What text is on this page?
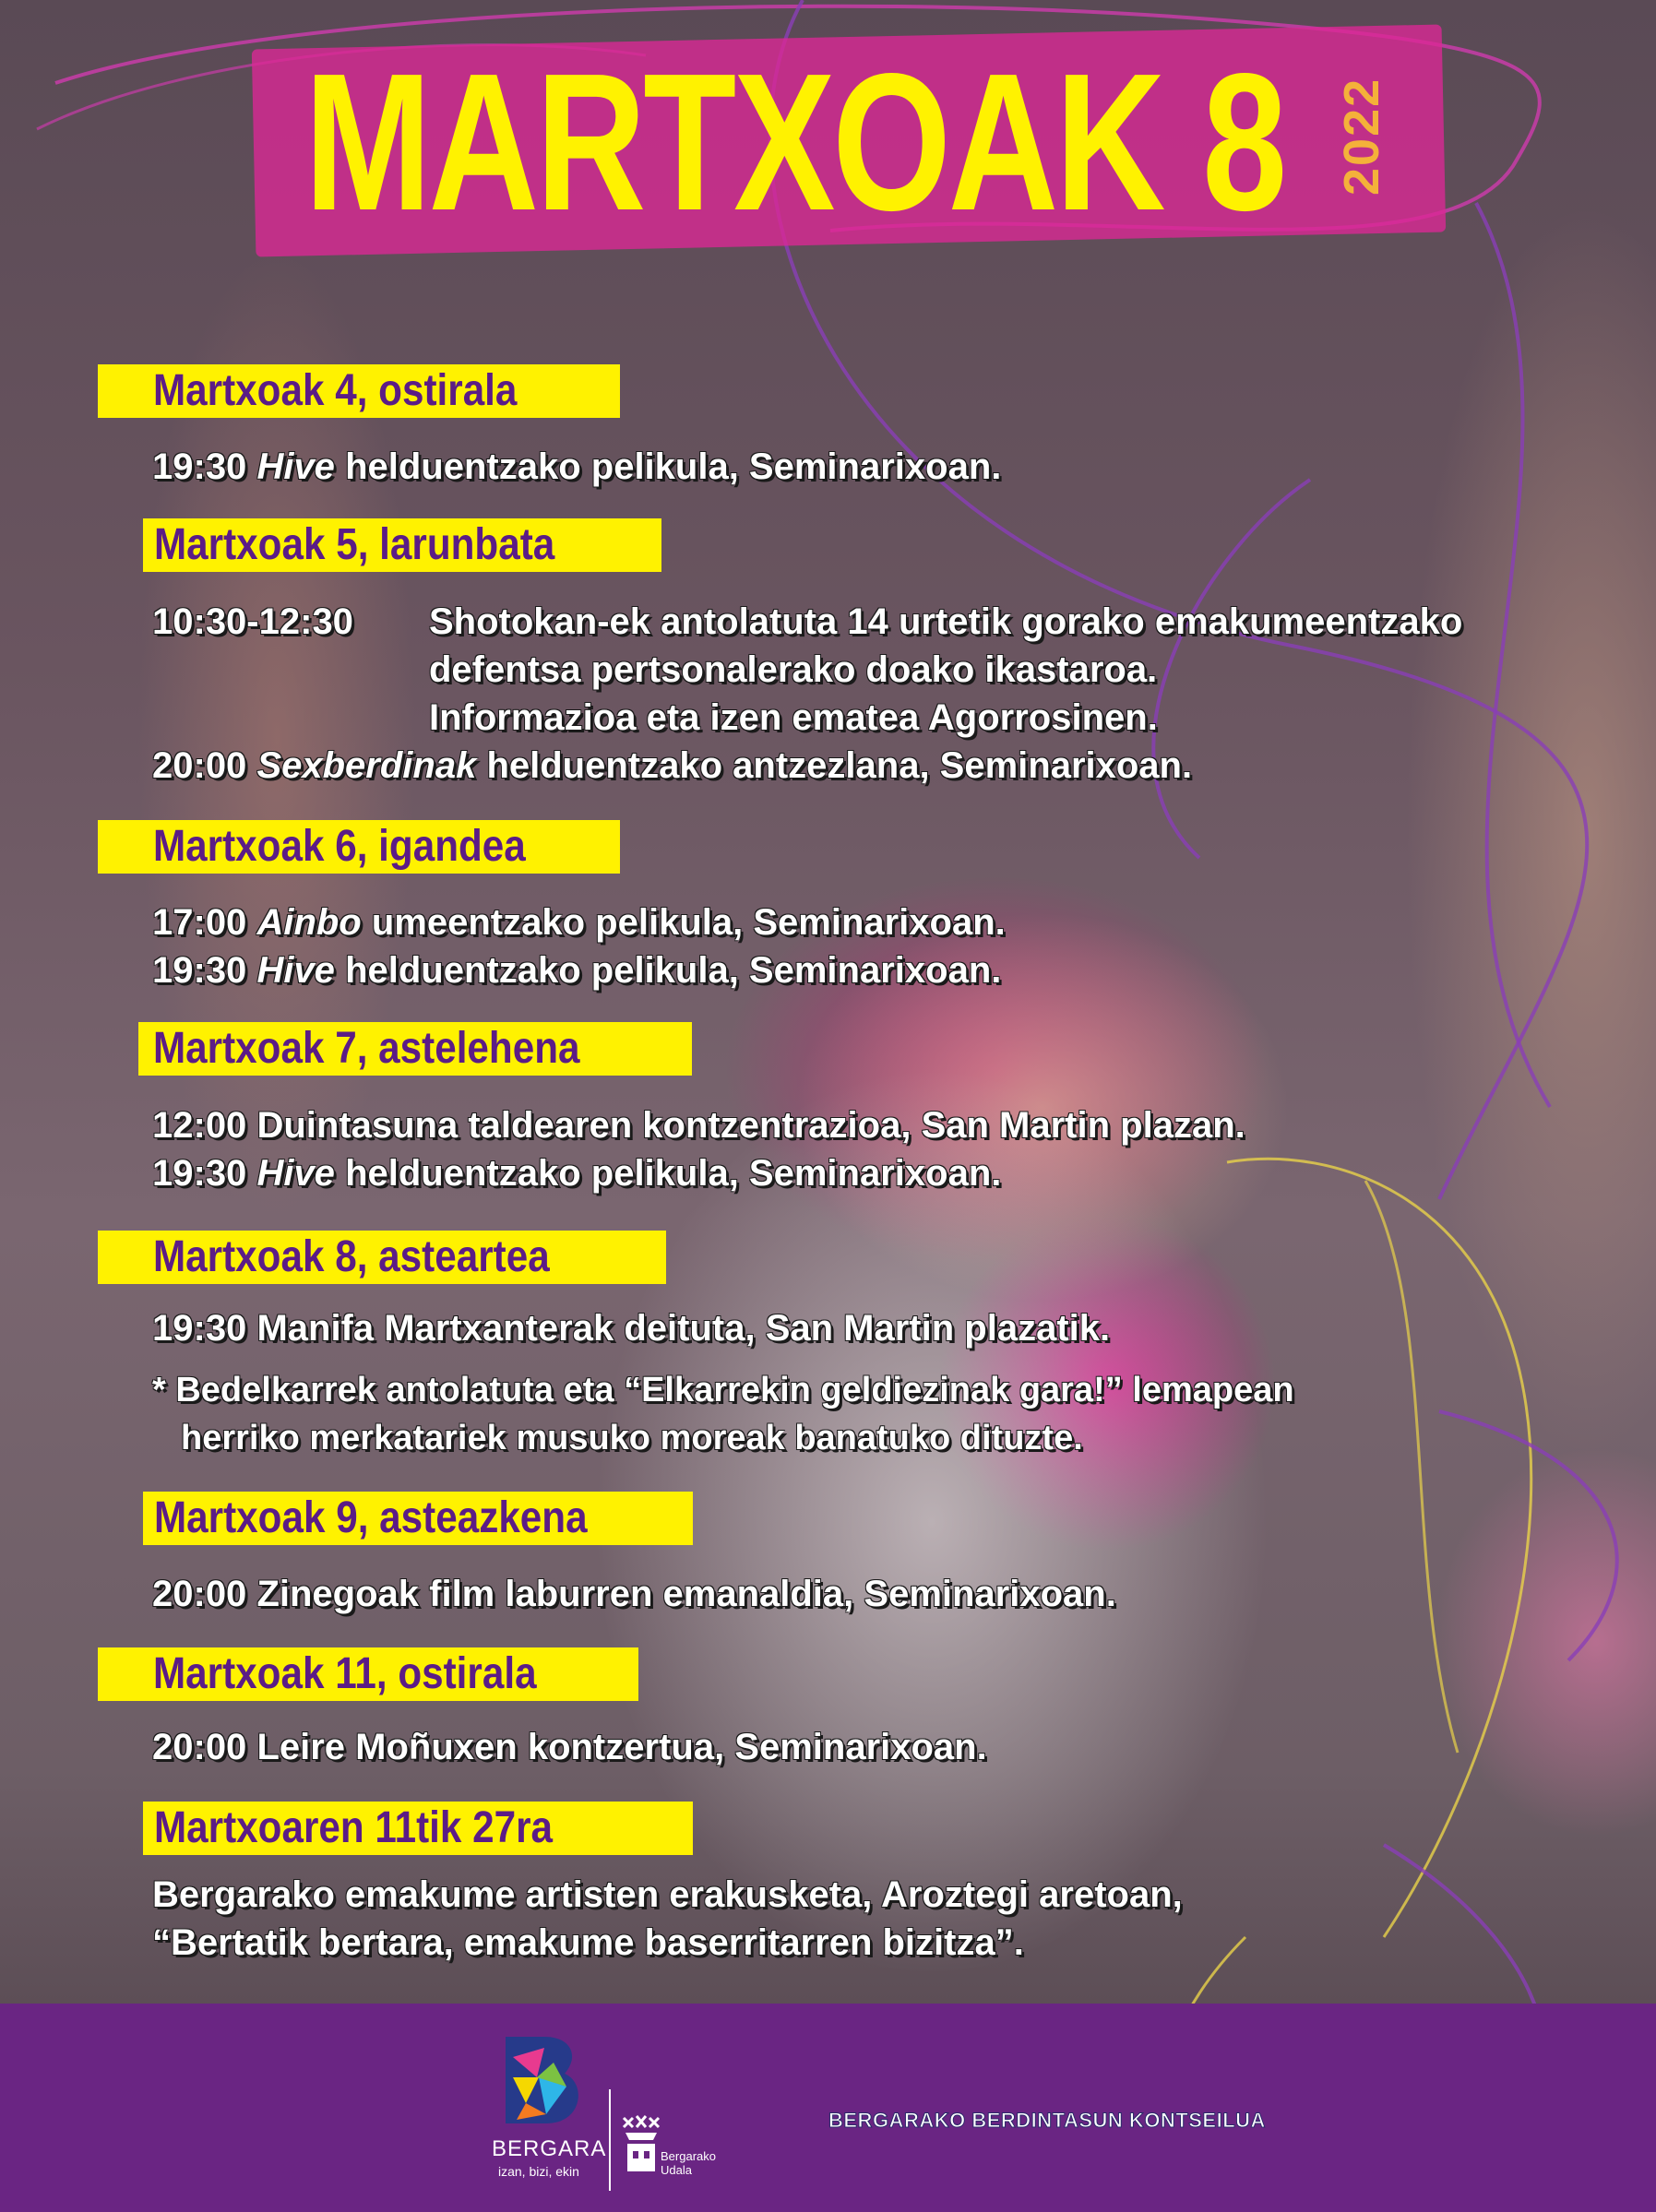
MARTXOAK 8 2022
Martxoak 4, ostirala
19:30 Hive helduentzako pelikula, Seminarixoan.
Martxoak 5, larunbata
10:30-12:30 Shotokan-ek antolatuta 14 urtetik gorako emakumeentzako
defentsa pertsonalerako doako ikastaroa.
Informazioa eta izen ematea Agorrosinen.
20:00 Sexberdinak helduentzako antzezlana, Seminarixoan.
Martxoak 6, igandea
17:00 Ainbo umeentzako pelikula, Seminarixoan.
19:30 Hive helduentzako pelikula, Seminarixoan.
Martxoak 7, astelehena
12:00 Duintasuna taldearen kontzentrazioa, San Martin plazan.
19:30 Hive helduentzako pelikula, Seminarixoan.
Martxoak 8, asteartea
19:30 Manifa Martxanterak deituta, San Martin plazatik.
* Bedelkarrek antolatuta eta “Elkarrekin geldiezinak gara!” lemapean
herriko merkatariek musuko moreak banatuko dituzte.
Martxoak 9, asteazkena
20:00 Zinegoak film laburren emanaldia, Seminarixoan.
Martxoak 11, ostirala
20:00 Leire Moñuxen kontzertua, Seminarixoan.
Martxoaren 11tik 27ra
Bergarako emakume artisten erakusketa, Aroztegi aretoan,
“Bertatik bertara, emakume baserritarren bizitza”.
BERGARA
izan, bizi, ekin
Bergarako
Udala
BERGARAKO BERDINTASUN KONTSEILUA
